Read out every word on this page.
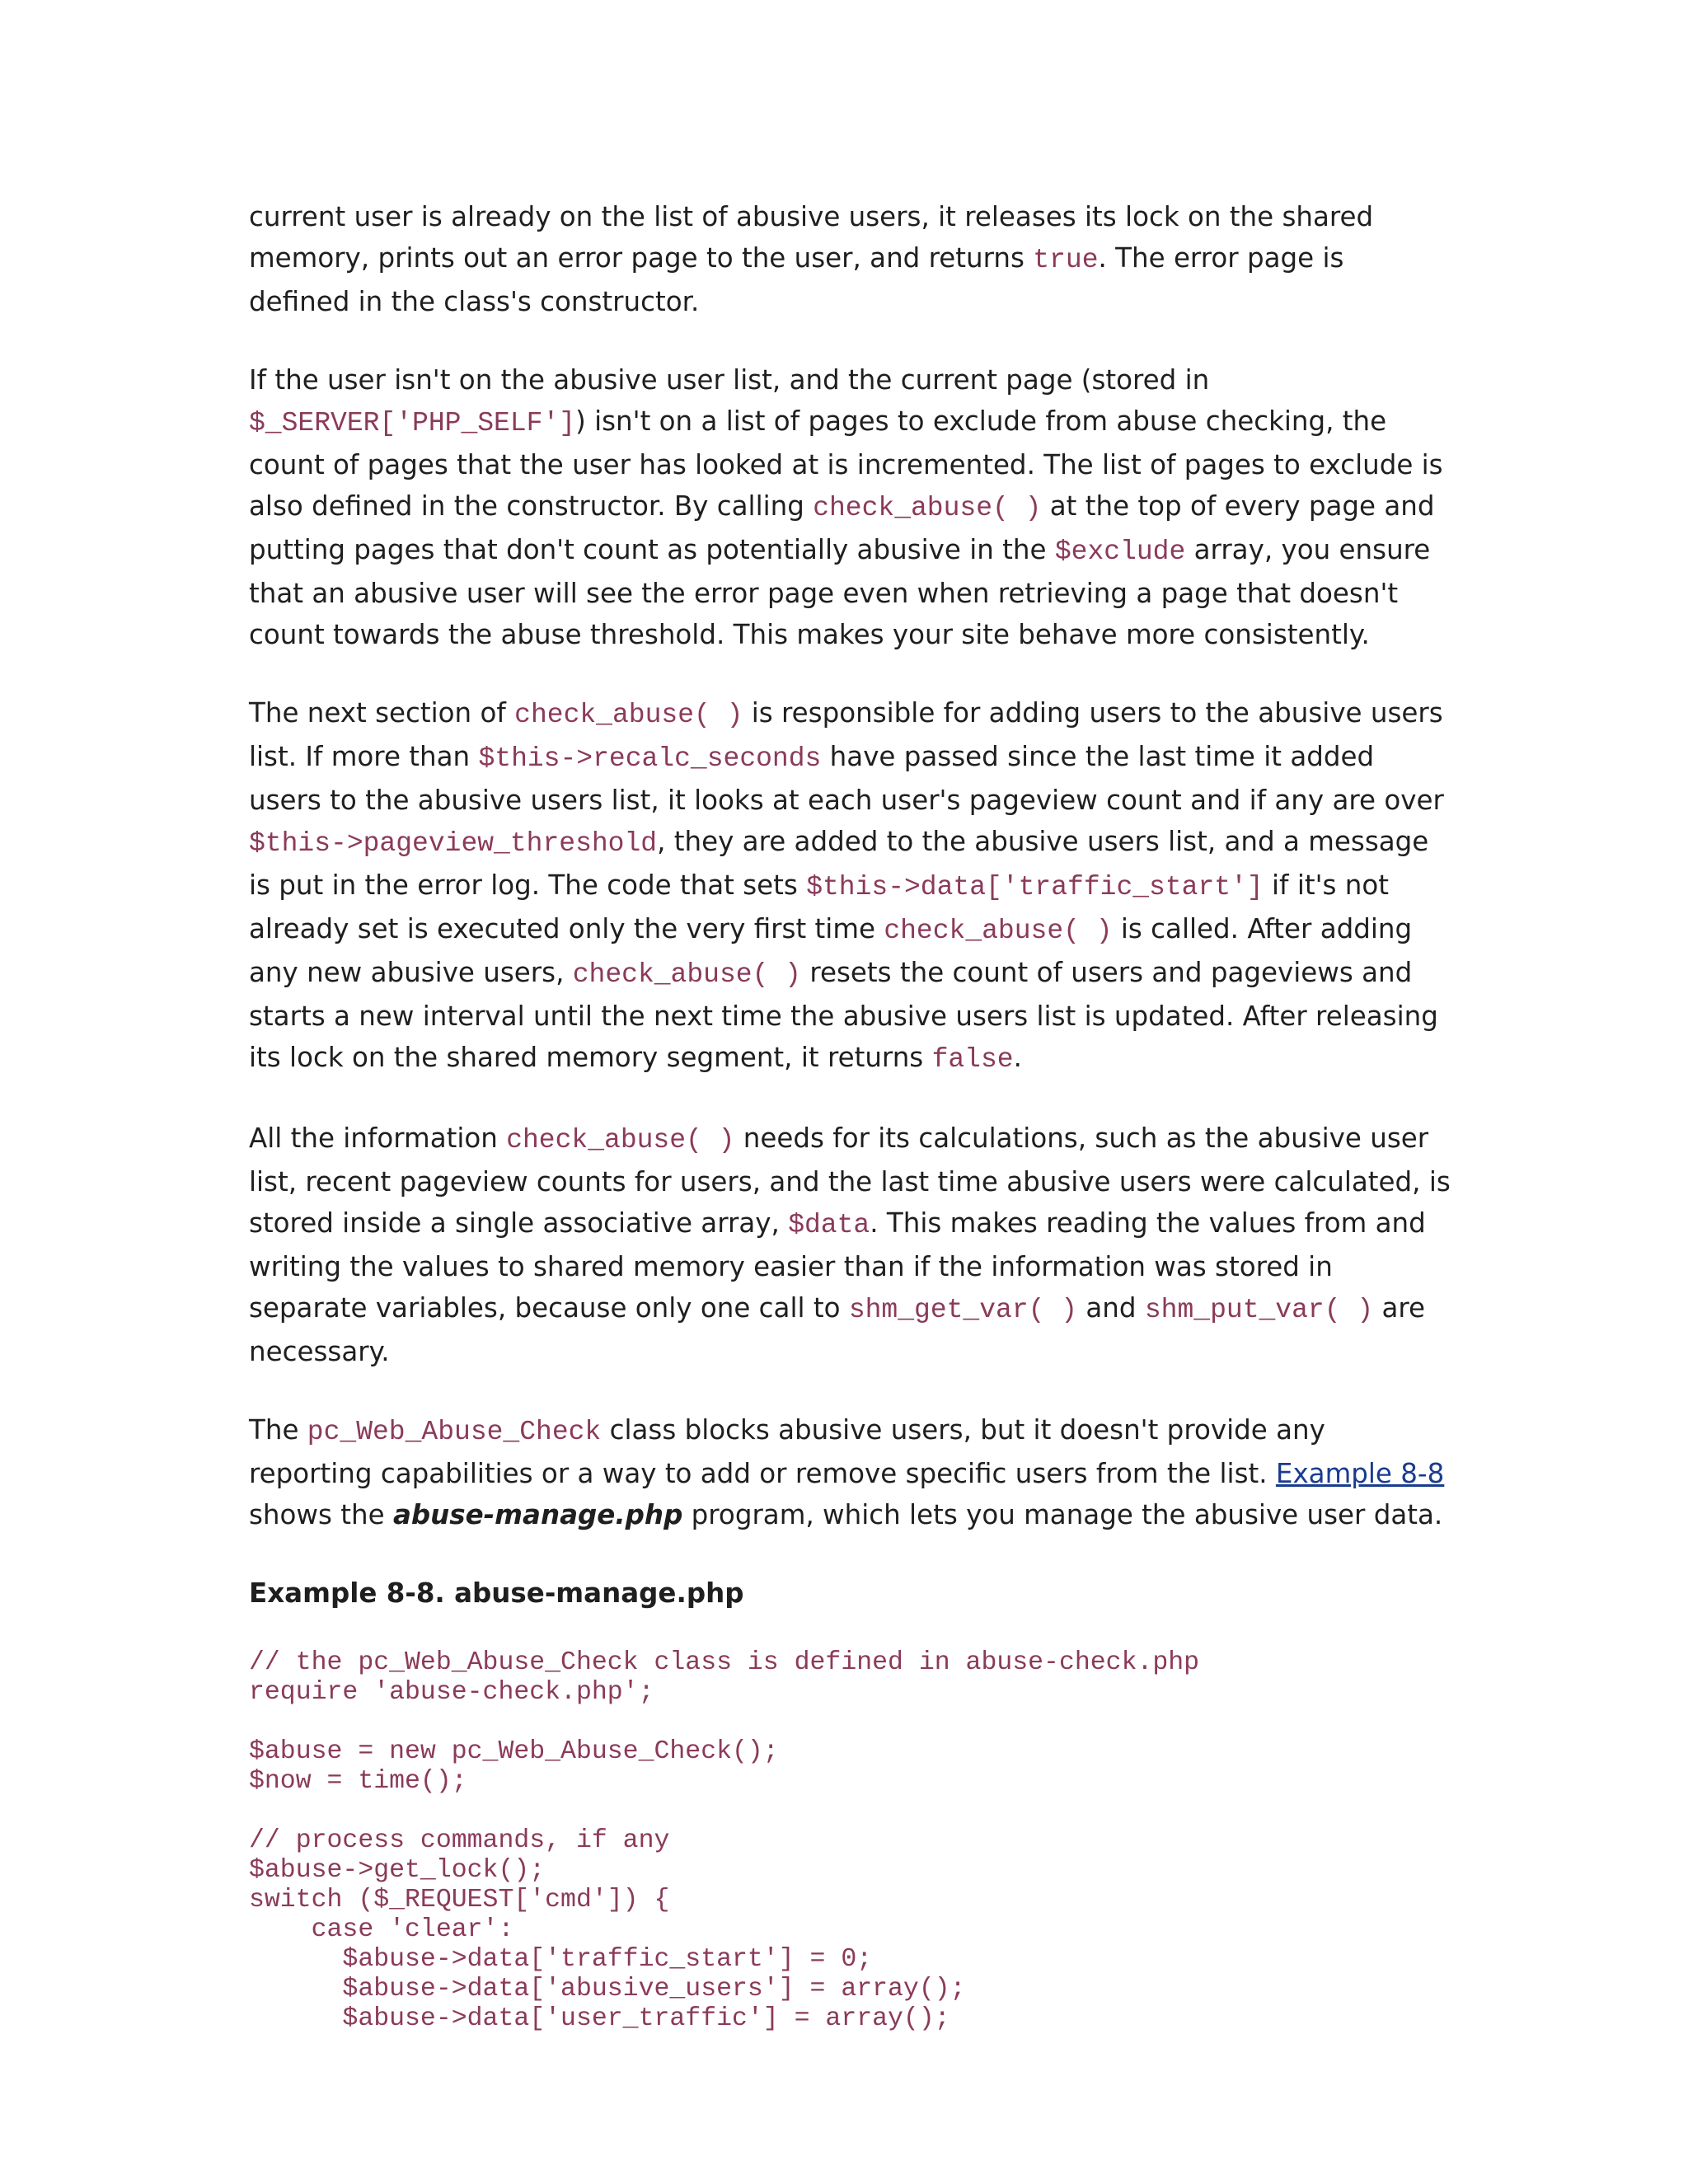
current user is already on the list of abusive users, it releases its lock on the shared memory, prints out an error page to the user, and returns true. The error page is defined in the class's constructor.

If the user isn't on the abusive user list, and the current page (stored in $_SERVER['PHP_SELF']) isn't on a list of pages to exclude from abuse checking, the count of pages that the user has looked at is incremented. The list of pages to exclude is also defined in the constructor. By calling check_abuse( ) at the top of every page and putting pages that don't count as potentially abusive in the $exclude array, you ensure that an abusive user will see the error page even when retrieving a page that doesn't count towards the abuse threshold. This makes your site behave more consistently.

The next section of check_abuse( ) is responsible for adding users to the abusive users list. If more than $this->recalc_seconds have passed since the last time it added users to the abusive users list, it looks at each user's pageview count and if any are over $this->pageview_threshold, they are added to the abusive users list, and a message is put in the error log. The code that sets $this->data['traffic_start'] if it's not already set is executed only the very first time check_abuse( ) is called. After adding any new abusive users, check_abuse( ) resets the count of users and pageviews and starts a new interval until the next time the abusive users list is updated. After releasing its lock on the shared memory segment, it returns false.

All the information check_abuse( ) needs for its calculations, such as the abusive user list, recent pageview counts for users, and the last time abusive users were calculated, is stored inside a single associative array, $data. This makes reading the values from and writing the values to shared memory easier than if the information was stored in separate variables, because only one call to shm_get_var( ) and shm_put_var( ) are necessary.

The pc_Web_Abuse_Check class blocks abusive users, but it doesn't provide any reporting capabilities or a way to add or remove specific users from the list. Example 8-8 shows the abuse-manage.php program, which lets you manage the abusive user data.

Example 8-8. abuse-manage.php
// the pc_Web_Abuse_Check class is defined in abuse-check.php
require 'abuse-check.php';
$abuse = new pc_Web_Abuse_Check();
$now = time();
// process commands, if any
$abuse->get_lock();
switch ($_REQUEST['cmd']) {
case 'clear':
$abuse->data['traffic_start'] = 0;
$abuse->data['abusive_users'] = array();
$abuse->data['user_traffic'] = array();
